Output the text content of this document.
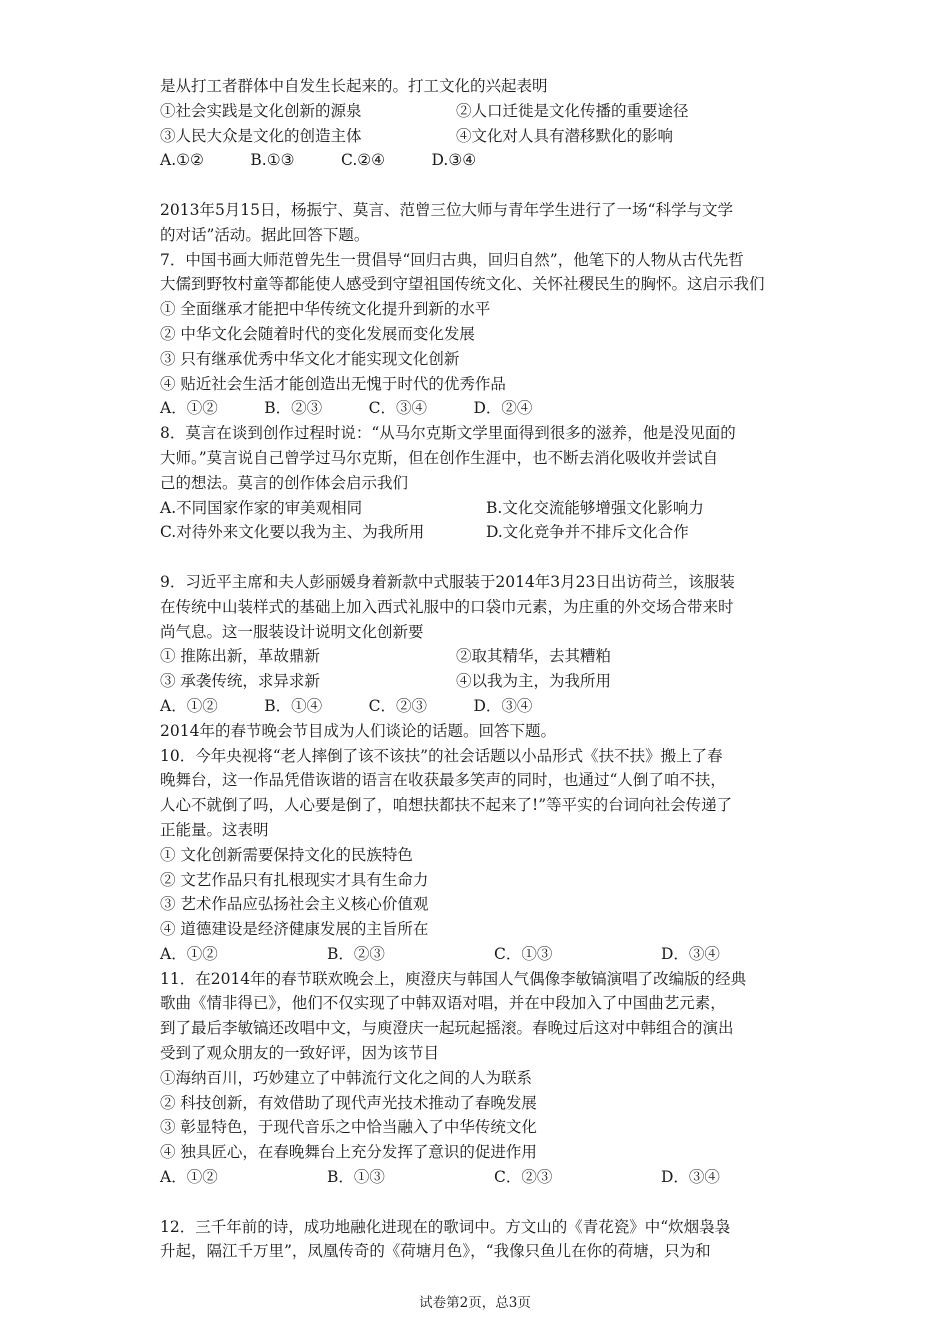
是从打工者群体中自发生长起来的。打工文化的兴起表明
①社会实践是文化创新的源泉	②人口迁徙是文化传播的重要途径
③人民大众是文化的创造主体	④文化对人具有潜移默化的影响
A.①②　　　B.①③　　　C.②④　　　D.③④
2013年5月15日，杨振宁、莫言、范曾三位大师与青年学生进行了一场“科学与文学
的对话”活动。据此回答下题。
7．中国书画大师范曾先生一贯倡导“回归古典，回归自然”，他笔下的人物从古代先哲
大儒到野牧村童等都能使人感受到守望祖国传统文化、关怀社稷民生的胸怀。这启示我们
① 全面继承才能把中华传统文化提升到新的水平
② 中华文化会随着时代的变化发展而变化发展
③ 只有继承优秀中华文化才能实现文化创新
④ 贴近社会生活才能创造出无愧于时代的优秀作品
A．①②　　　B．②③　　　C．③④　　　D．②④
8．莫言在谈到创作过程时说：“从马尔克斯文学里面得到很多的滋养，他是没见面的
大师。”莫言说自己曾学过马尔克斯，但在创作生涯中，也不断去消化吸收并尝试自
己的想法。莫言的创作体会启示我们
A.不同国家作家的审美观相同	B.文化交流能够增强文化影响力
C.对待外来文化要以我为主、为我所用	D.文化竞争并不排斥文化合作
9．习近平主席和夫人彭丽媛身着新款中式服装于2014年3月23日出访荷兰，该服装
在传统中山装样式的基础上加入西式礼服中的口袋巾元素，为庄重的外交场合带来时
尚气息。这一服装设计说明文化创新要
① 推陈出新，革故鼎新	②取其精华，去其糟粕
③ 承袭传统，求异求新	④以我为主，为我所用
A．①②　　　B．①④　　　C．②③　　　D．③④
2014年的春节晚会节目成为人们谈论的话题。回答下题。
10．今年央视将“老人摔倒了该不该扶”的社会话题以小品形式《扶不扶》搬上了春
晚舞台，这一作品凭借诙谐的语言在收获最多笑声的同时，也通过“人倒了咱不扶，
人心不就倒了吗，人心要是倒了，咱想扶都扶不起来了!”等平实的台词向社会传递了
正能量。这表明
① 文化创新需要保持文化的民族特色
② 文艺作品只有扎根现实才具有生命力
③ 艺术作品应弘扬社会主义核心价值观
④ 道德建设是经济健康发展的主旨所在
A．①②	B．②③	C．①③	D．③④
11．在2014年的春节联欢晚会上，庾澄庆与韩国人气偶像李敏镐演唱了改编版的经典
歌曲《情非得已》，他们不仅实现了中韩双语对唱，并在中段加入了中国曲艺元素，
到了最后李敏镐还改唱中文，与庾澄庆一起玩起摇滚。春晚过后这对中韩组合的演出
受到了观众朋友的一致好评，因为该节目
①海纳百川，巧妙建立了中韩流行文化之间的人为联系
② 科技创新，有效借助了现代声光技术推动了春晚发展
③ 彰显特色，于现代音乐之中恰当融入了中华传统文化
④ 独具匠心，在春晚舞台上充分发挥了意识的促进作用
A．①②	B．①③	C．②③	D．③④
12．三千年前的诗，成功地融化进现在的歌词中。方文山的《青花瓷》中“炊烟袅袅
升起，隔江千万里”，凤凰传奇的《荷塘月色》，“我像只鱼儿在你的荷塘，只为和
试卷第2页，总3页
